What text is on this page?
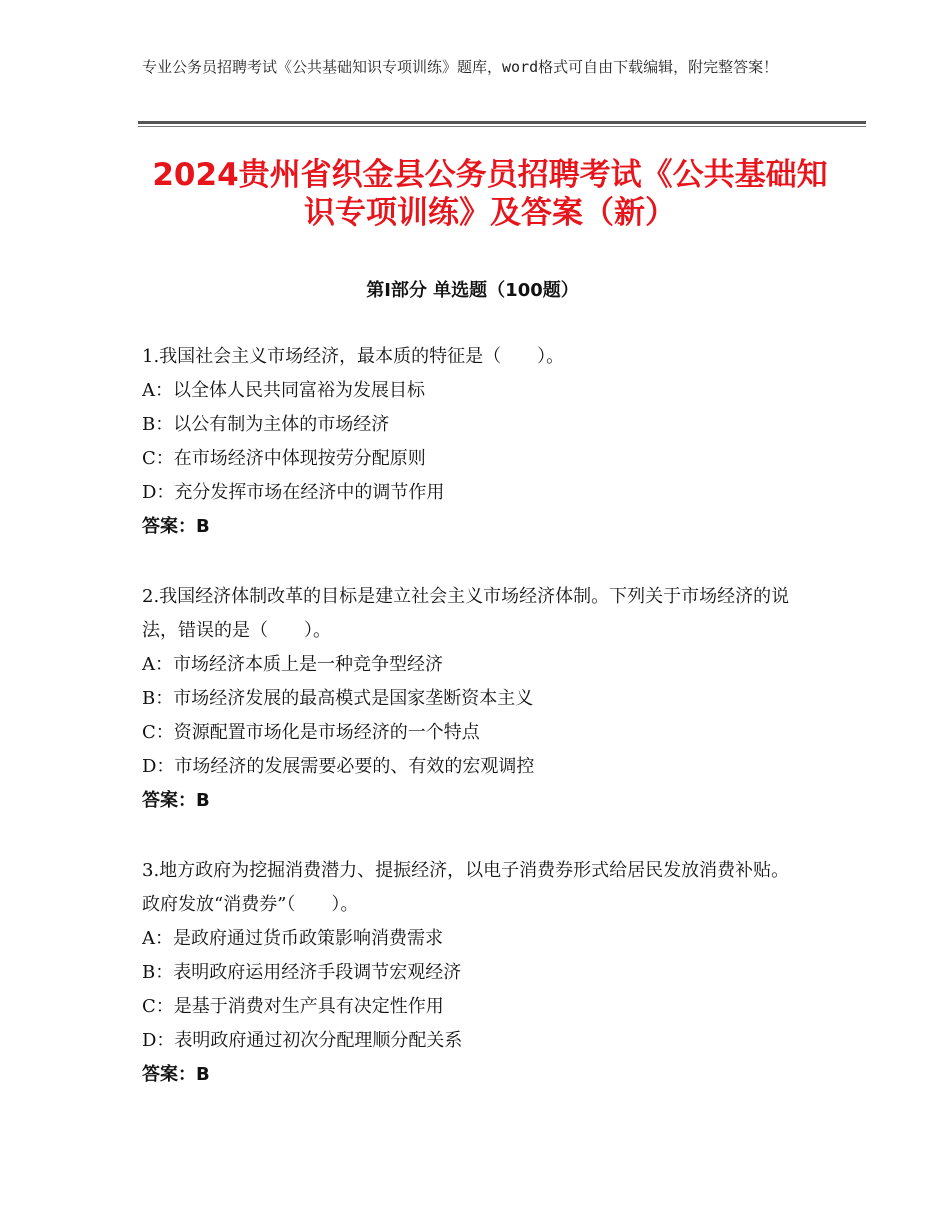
专业公务员招聘考试《公共基础知识专项训练》题库，word格式可自由下载编辑，附完整答案！
2024贵州省织金县公务员招聘考试《公共基础知识专项训练》及答案（新）
第Ⅰ部分 单选题（100题）

1.我国社会主义市场经济，最本质的特征是（　　）。

A：以全体人民共同富裕为发展目标

B：以公有制为主体的市场经济

C：在市场经济中体现按劳分配原则

D：充分发挥市场在经济中的调节作用

答案：B

2.我国经济体制改革的目标是建立社会主义市场经济体制。下列关于市场经济的说法，错误的是（　　）。

A：市场经济本质上是一种竞争型经济

B：市场经济发展的最高模式是国家垄断资本主义

C：资源配置市场化是市场经济的一个特点

D：市场经济的发展需要必要的、有效的宏观调控

答案：B

3.地方政府为挖掘消费潜力、提振经济，以电子消费券形式给居民发放消费补贴。政府发放“消费券”（　　）。

A：是政府通过货币政策影响消费需求

B：表明政府运用经济手段调节宏观经济

C：是基于消费对生产具有决定性作用

D：表明政府通过初次分配理顺分配关系

答案：B
